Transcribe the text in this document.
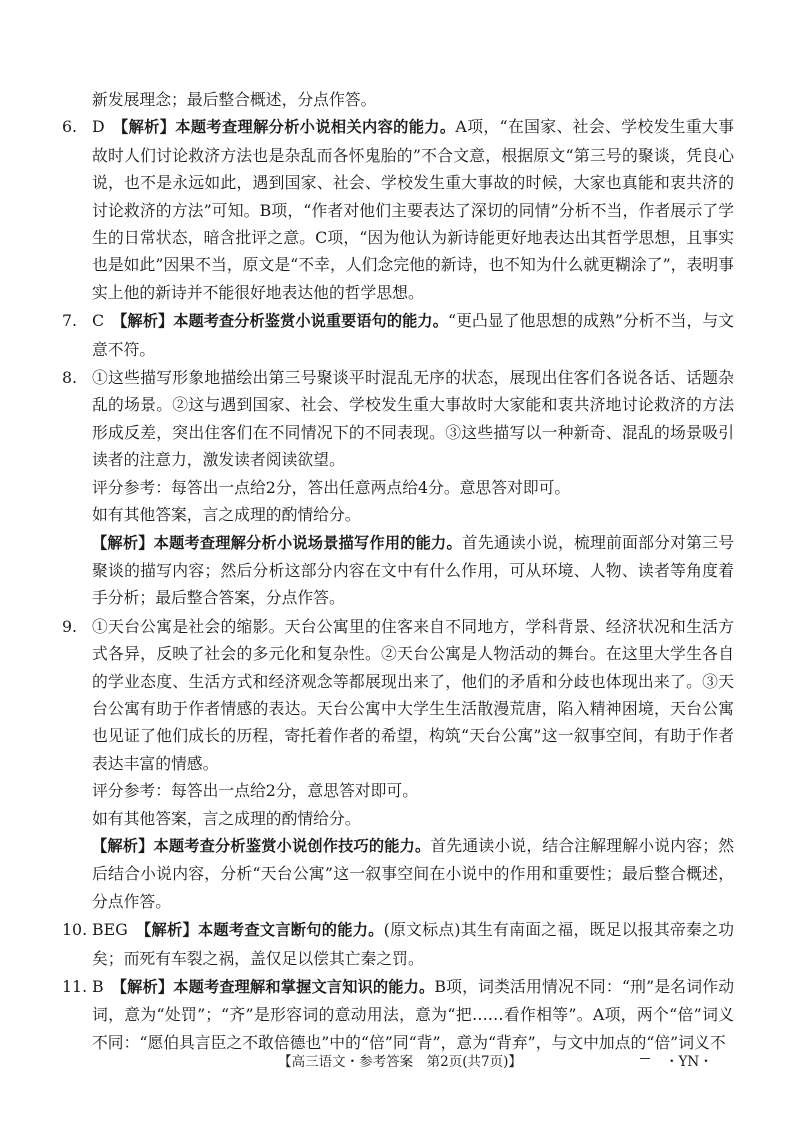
新发展理念；最后整合概述，分点作答。

6. D 【解析】本题考查理解分析小说相关内容的能力。A项，“在国家、社会、学校发生重大事故时人们讨论救济方法也是杂乱而各怀鬼胎的”不合文意，根据原文“第三号的聚谈，凭良心说，也不是永远如此，遇到国家、社会、学校发生重大事故的时候，大家也真能和衷共济的讨论救济的方法”可知。B项，“作者对他们主要表达了深切的同情”分析不当，作者展示了学生的日常状态，暗含批评之意。C项，“因为他认为新诗能更好地表达出其哲学思想，且事实也是如此”因果不当，原文是“不幸，人们念完他的新诗，也不知为什么就更糊涂了”，表明事实上他的新诗并不能很好地表达他的哲学思想。

7. C 【解析】本题考查分析鉴赏小说重要语句的能力。“更凸显了他思想的成熟”分析不当，与文意不符。

8. ①这些描写形象地描绘出第三号聚谈平时混乱无序的状态，展现出住客们各说各话、话题杂乱的场景。②这与遇到国家、社会、学校发生重大事故时大家能和衷共济地讨论救济的方法形成反差，突出住客们在不同情况下的不同表现。③这些描写以一种新奇、混乱的场景吸引读者的注意力，激发读者阅读欲望。

评分参考：每答出一点给2分，答出任意两点给4分。意思答对即可。

如有其他答案，言之成理的酌情给分。

【解析】本题考查理解分析小说场景描写作用的能力。首先通读小说，梳理前面部分对第三号聚谈的描写内容；然后分析这部分内容在文中有什么作用，可从环境、人物、读者等角度着手分析；最后整合答案，分点作答。

9. ①天台公寓是社会的缩影。天台公寓里的住客来自不同地方，学科背景、经济状况和生活方式各异，反映了社会的多元化和复杂性。②天台公寓是人物活动的舞台。在这里大学生各自的学业态度、生活方式和经济观念等都展现出来了，他们的矛盾和分歧也体现出来了。③天台公寓有助于作者情感的表达。天台公寓中大学生生活散漫荒唐，陷入精神困境，天台公寓也见证了他们成长的历程，寄托着作者的希望，构筑“天台公寓”这一叙事空间，有助于作者表达丰富的情感。

评分参考：每答出一点给2分，意思答对即可。

如有其他答案，言之成理的酌情给分。

【解析】本题考查分析鉴赏小说创作技巧的能力。首先通读小说，结合注解理解小说内容；然后结合小说内容，分析“天台公寓”这一叙事空间在小说中的作用和重要性；最后整合概述，分点作答。

10. BEG 【解析】本题考查文言断句的能力。(原文标点)其生有南面之福，既足以报其帝秦之功矣；而死有车裂之祸，盖仅足以偿其亡秦之罚。

11. B 【解析】本题考查理解和掌握文言知识的能力。B项，词类活用情况不同：“刑”是名词作动词，意为“处罚”；“齐”是形容词的意动用法，意为“把……看作相等”。A项，两个“倍”词义不同：“愿伯具言臣之不敢倍德也”中的“倍”同“背”，意为“背弃”，与文中加点的“倍”词义不

【高三语文・参考答案　第2页(共7页)】	・YN・
